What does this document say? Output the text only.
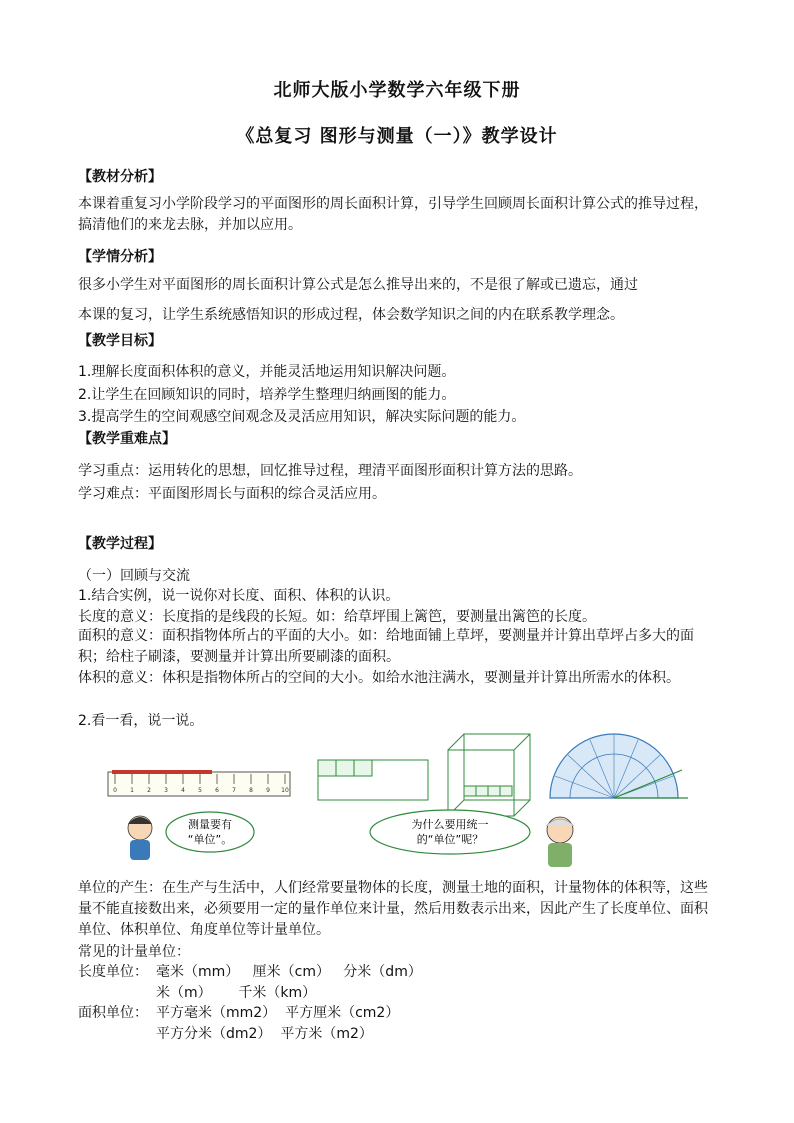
北师大版小学数学六年级下册
《总复习 图形与测量（一）》教学设计
【教材分析】
本课着重复习小学阶段学习的平面图形的周长面积计算，引导学生回顾周长面积计算公式的推导过程，搞清他们的来龙去脉，并加以应用。
【学情分析】
很多小学生对平面图形的周长面积计算公式是怎么推导出来的，不是很了解或已遗忘，通过
本课的复习，让学生系统感悟知识的形成过程，体会数学知识之间的内在联系教学理念。
【教学目标】
1.理解长度面积体积的意义，并能灵活地运用知识解决问题。
2.让学生在回顾知识的同时，培养学生整理归纳画图的能力。
3.提高学生的空间观感空间观念及灵活应用知识，解决实际问题的能力。
【教学重难点】
学习重点：运用转化的思想，回忆推导过程，理清平面图形面积计算方法的思路。
学习难点：平面图形周长与面积的综合灵活应用。
【教学过程】
（一）回顾与交流
1.结合实例，说一说你对长度、面积、体积的认识。
长度的意义：长度指的是线段的长短。如：给草坪围上篱笆，要测量出篱笆的长度。
面积的意义：面积指物体所占的平面的大小。如：给地面铺上草坪，要测量并计算出草坪占多大的面积；给柱子刷漆，要测量并计算出所要刷漆的面积。
体积的意义：体积是指物体所占的空间的大小。如给水池注满水，要测量并计算出所需水的体积。
2.看一看，说一说。
0 1 2 3 4 5 6 7 8 9 10
测量要有
“单位”。
为什么要用统一
的“单位”呢？
单位的产生：在生产与生活中，人们经常要量物体的长度，测量土地的面积，计量物体的体积等，这些量不能直接数出来，必须要用一定的量作单位来计量，然后用数表示出来，因此产生了长度单位、面积单位、体积单位、角度单位等计量单位。
常见的计量单位：
长度单位： 毫米（mm）   厘米（cm）   分米（dm）
米（m）      千米（km）
面积单位： 平方毫米（mm2）  平方厘米（cm2）
平方分米（dm2）  平方米（m2）
